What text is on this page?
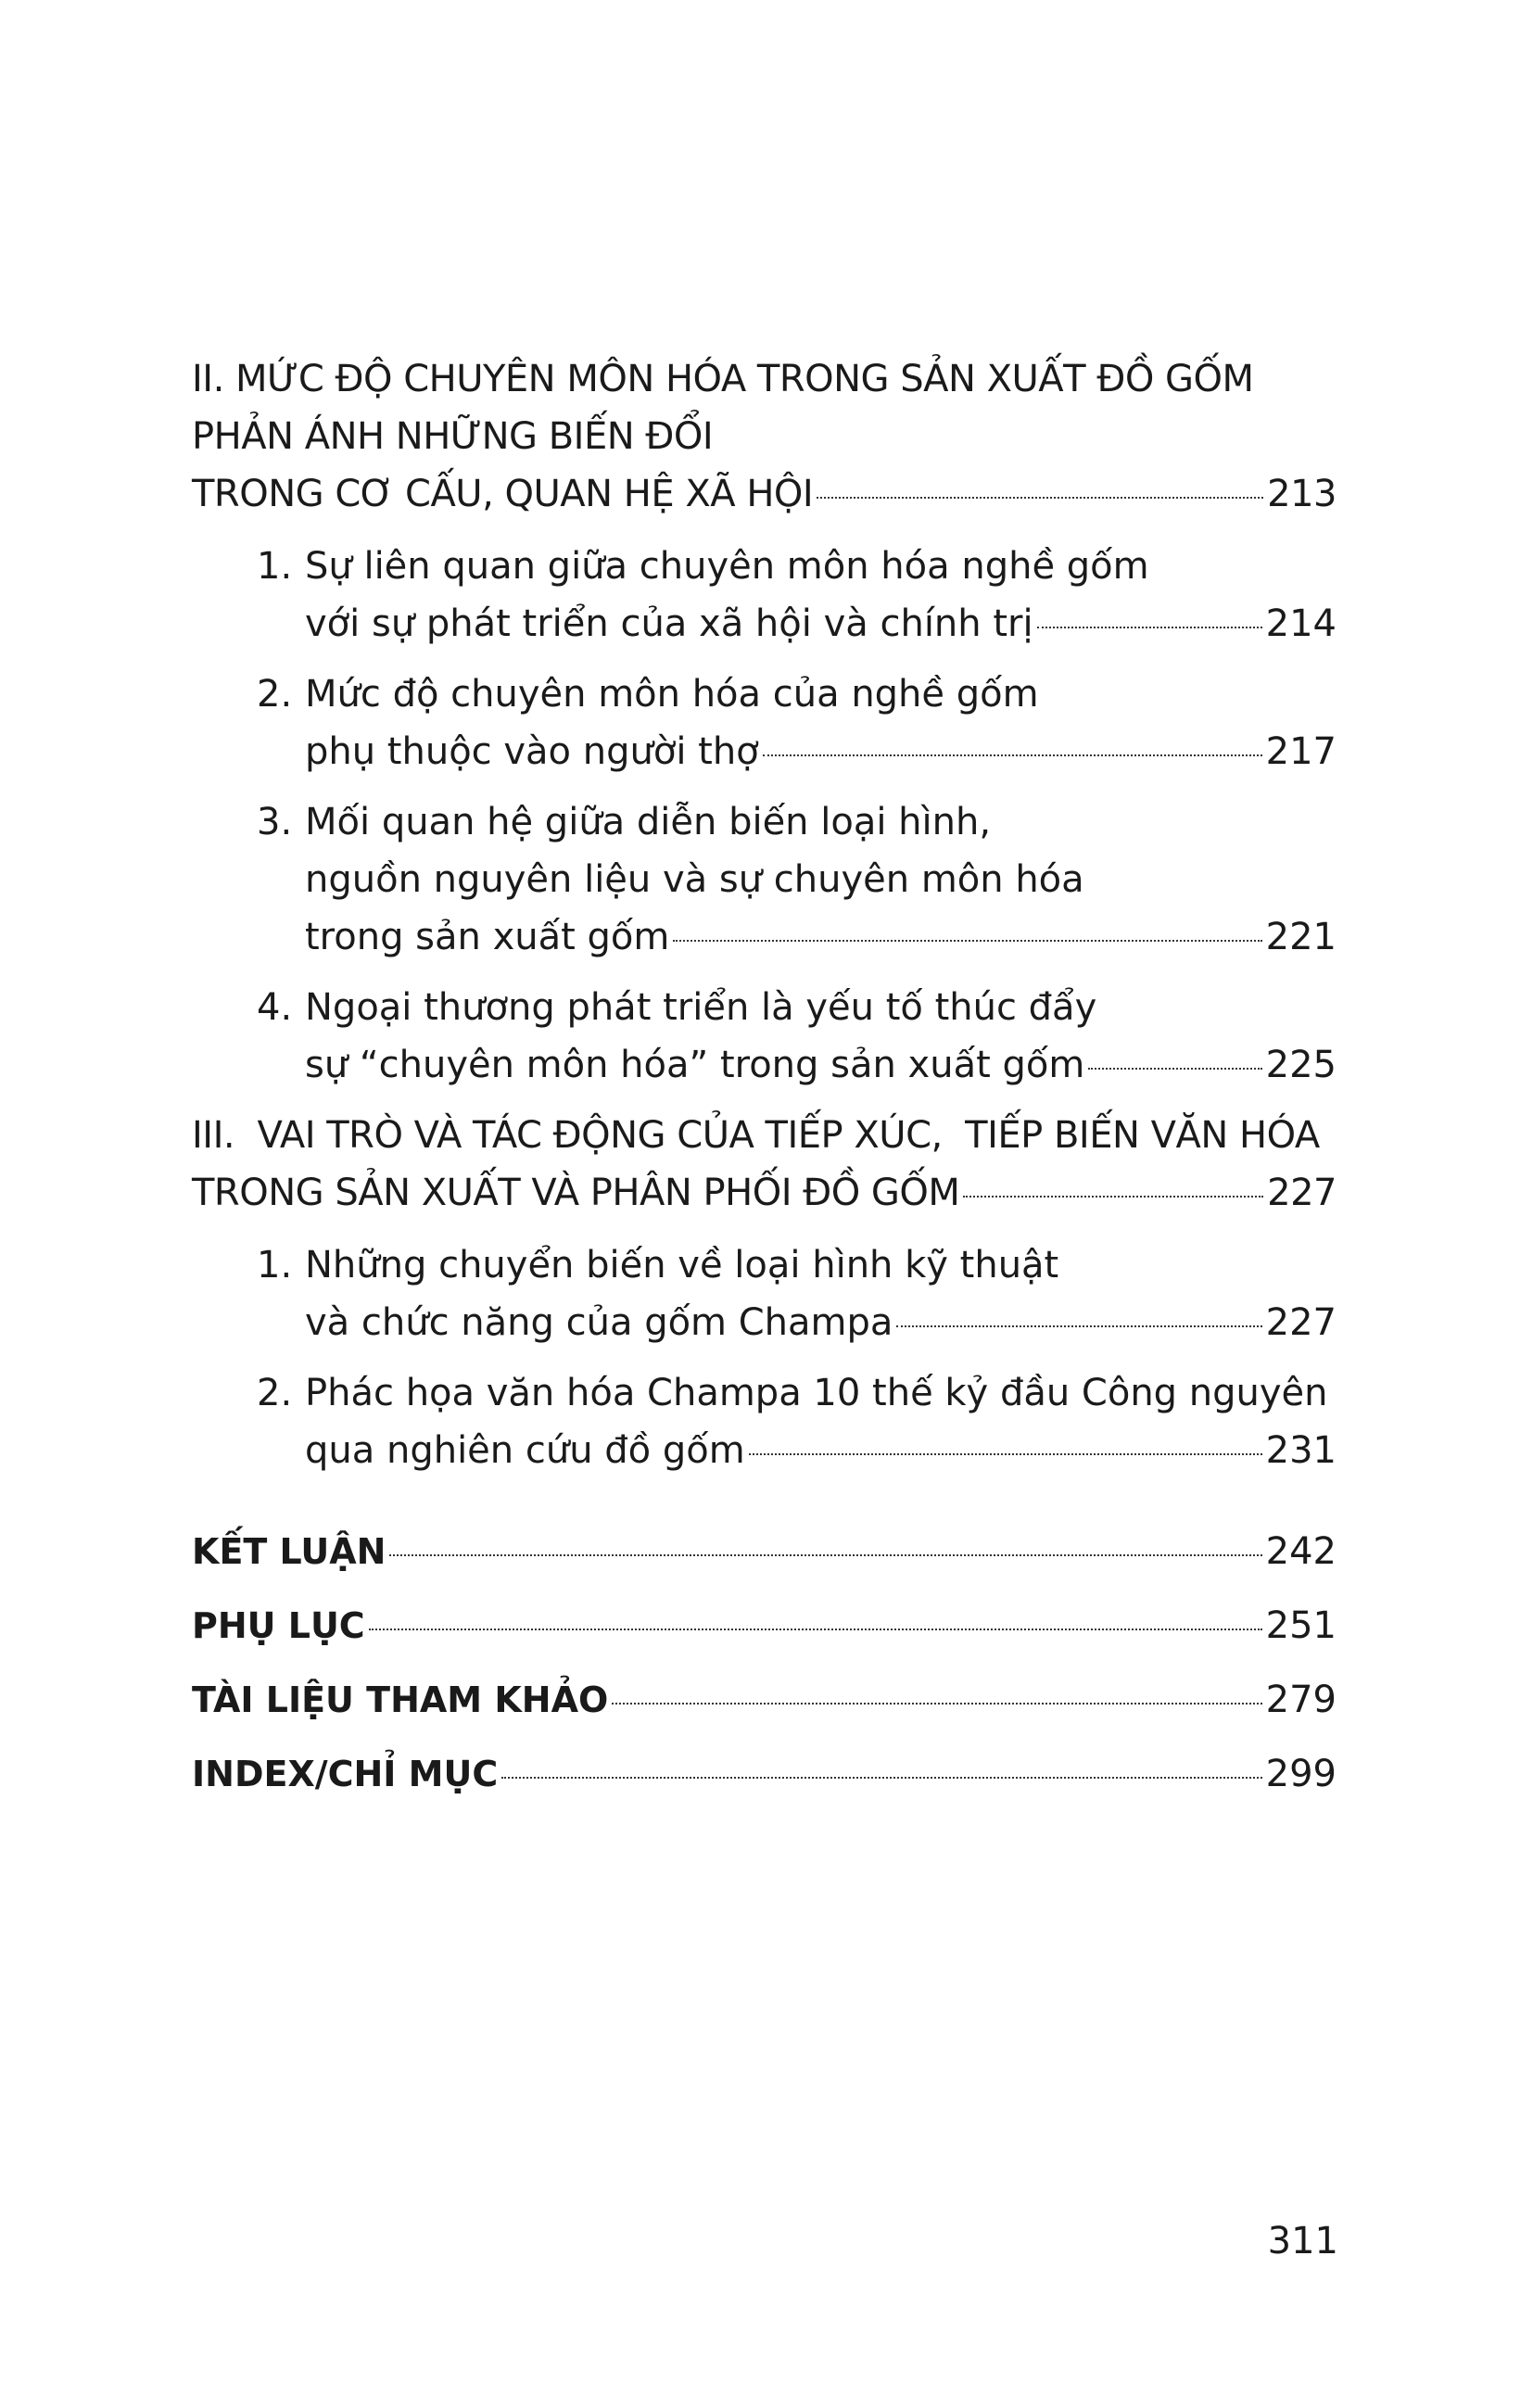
II. MỨC ĐỘ CHUYÊN MÔN HÓA TRONG SẢN XUẤT ĐỒ GỐM
PHẢN ÁNH NHỮNG BIẾN ĐỔI
TRONG CƠ CẤU, QUAN HỆ XÃ HỘI	213
1. Sự liên quan giữa chuyên môn hóa nghề gốm
với sự phát triển của xã hội và chính trị	214
2. Mức độ chuyên môn hóa của nghề gốm
phụ thuộc vào người thợ	217
3. Mối quan hệ giữa diễn biến loại hình,
nguồn nguyên liệu và sự chuyên môn hóa
trong sản xuất gốm	221
4. Ngoại thương phát triển là yếu tố thúc đẩy
sự “chuyên môn hóa” trong sản xuất gốm	225
III.  VAI TRÒ VÀ TÁC ĐỘNG CỦA TIẾP XÚC,  TIẾP BIẾN VĂN HÓA
TRONG SẢN XUẤT VÀ PHÂN PHỐI ĐỒ GỐM	227
1. Những chuyển biến về loại hình kỹ thuật
và chức năng của gốm Champa	227
2. Phác họa văn hóa Champa 10 thế kỷ đầu Công nguyên
qua nghiên cứu đồ gốm	231
KẾT LUẬN	242
PHỤ LỤC	251
TÀI LIỆU THAM KHẢO	279
INDEX/CHỈ MỤC	299
311
